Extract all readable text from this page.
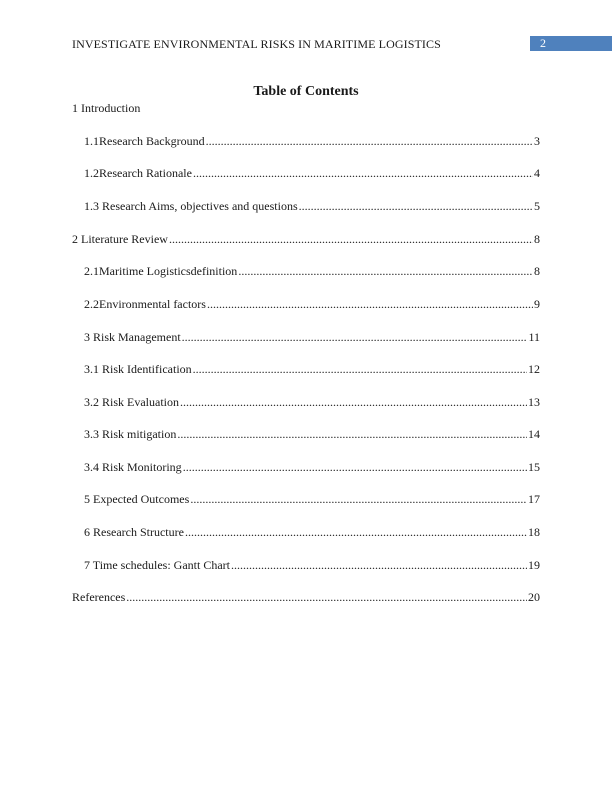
INVESTIGATE ENVIRONMENTAL RISKS IN MARITIME LOGISTICS	2
Table of Contents
1 Introduction
1.1Research Background .....	3
1.2Research Rationale .....	4
1.3 Research Aims, objectives and questions .....	5
2 Literature Review .....	8
2.1Maritime Logisticsdefinition .....	8
2.2Environmental factors .....	9
3 Risk Management .....	11
3.1 Risk Identification .....	12
3.2 Risk Evaluation .....	13
3.3 Risk mitigation .....	14
3.4 Risk Monitoring .....	15
5 Expected Outcomes .....	17
6 Research Structure .....	18
7 Time schedules: Gantt Chart .....	19
References .....	20
